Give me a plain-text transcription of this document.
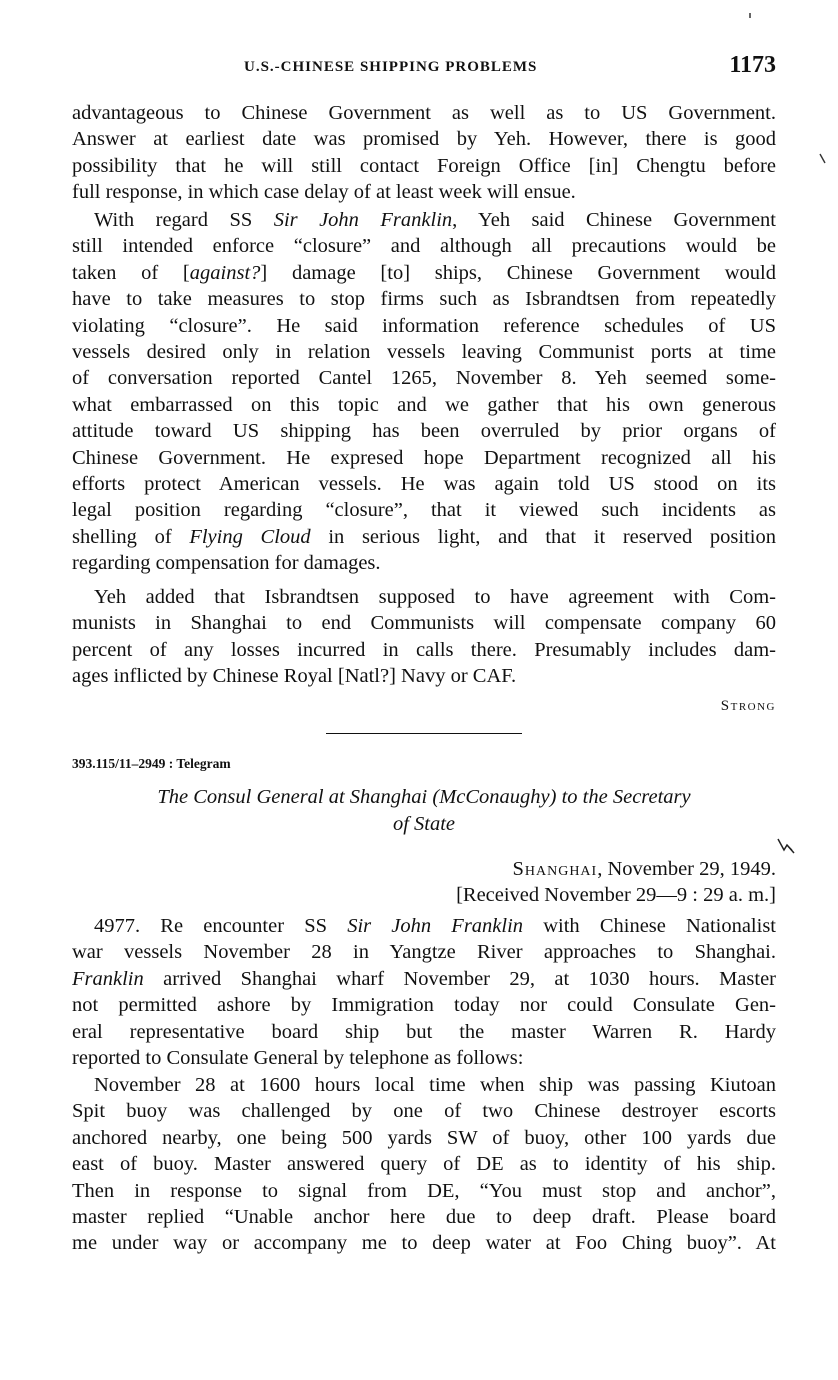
U.S.-CHINESE SHIPPING PROBLEMS	1173
advantageous to Chinese Government as well as to US Government.
Answer at earliest date was promised by Yeh. However, there is good
possibility that he will still contact Foreign Office [in] Chengtu before
full response, in which case delay of at least week will ensue.
With regard SS Sir John Franklin, Yeh said Chinese Government
still intended enforce “closure” and although all precautions would be
taken of [against?] damage [to] ships, Chinese Government would
have to take measures to stop firms such as Isbrandtsen from repeatedly
violating “closure”. He said information reference schedules of US
vessels desired only in relation vessels leaving Communist ports at time
of conversation reported Cantel 1265, November 8. Yeh seemed some-
what embarrassed on this topic and we gather that his own generous
attitude toward US shipping has been overruled by prior organs of
Chinese Government. He expresed hope Department recognized all his
efforts protect American vessels. He was again told US stood on its
legal position regarding “closure”, that it viewed such incidents as
shelling of Flying Cloud in serious light, and that it reserved position
regarding compensation for damages.
Yeh added that Isbrandtsen supposed to have agreement with Com-
munists in Shanghai to end Communists will compensate company 60
percent of any losses incurred in calls there. Presumably includes dam-
ages inflicted by Chinese Royal [Natl?] Navy or CAF.
Strong
393.115/11–2949 : Telegram
The Consul General at Shanghai (McConaughy) to the Secretary
of State
Shanghai, November 29, 1949.
[Received November 29—9 : 29 a. m.]
4977. Re encounter SS Sir John Franklin with Chinese Nationalist
war vessels November 28 in Yangtze River approaches to Shanghai.
Franklin arrived Shanghai wharf November 29, at 1030 hours. Master
not permitted ashore by Immigration today nor could Consulate Gen-
eral representative board ship but the master Warren R. Hardy
reported to Consulate General by telephone as follows:
November 28 at 1600 hours local time when ship was passing Kiutoan
Spit buoy was challenged by one of two Chinese destroyer escorts
anchored nearby, one being 500 yards SW of buoy, other 100 yards due
east of buoy. Master answered query of DE as to identity of his ship.
Then in response to signal from DE, “You must stop and anchor”,
master replied “Unable anchor here due to deep draft. Please board
me under way or accompany me to deep water at Foo Ching buoy”. At
